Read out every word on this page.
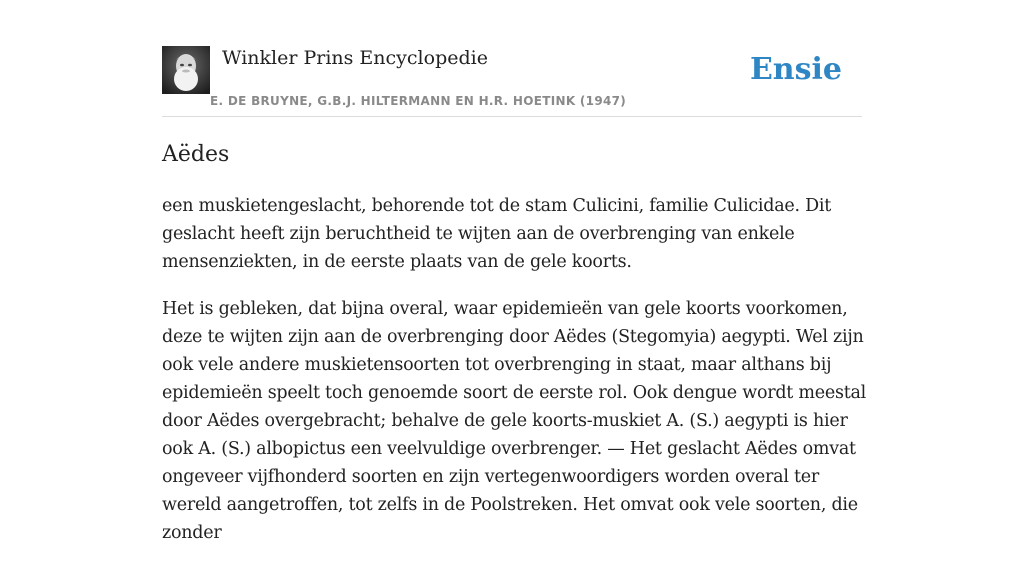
Winkler Prins Encyclopedie
E. DE BRUYNE, G.B.J. HILTERMANN EN H.R. HOETINK (1947)
Ensie
Aëdes

een muskietengeslacht, behorende tot de stam Culicini, familie Culicidae. Dit geslacht heeft zijn beruchtheid te wijten aan de overbrenging van enkele mensenziekten, in de eerste plaats van de gele koorts.

Het is gebleken, dat bijna overal, waar epidemieën van gele koorts voorkomen, deze te wijten zijn aan de overbrenging door Aëdes (Stegomyia) aegypti. Wel zijn ook vele andere muskietensoorten tot overbrenging in staat, maar althans bij epidemieën speelt toch genoemde soort de eerste rol. Ook dengue wordt meestal door Aëdes overgebracht; behalve de gele koorts-muskiet A. (S.) aegypti is hier ook A. (S.) albopictus een veelvuldige overbrenger. — Het geslacht Aëdes omvat ongeveer vijfhonderd soorten en zijn vertegenwoordigers worden overal ter wereld aangetroffen, tot zelfs in de Poolstreken. Het omvat ook vele soorten, die zonder
